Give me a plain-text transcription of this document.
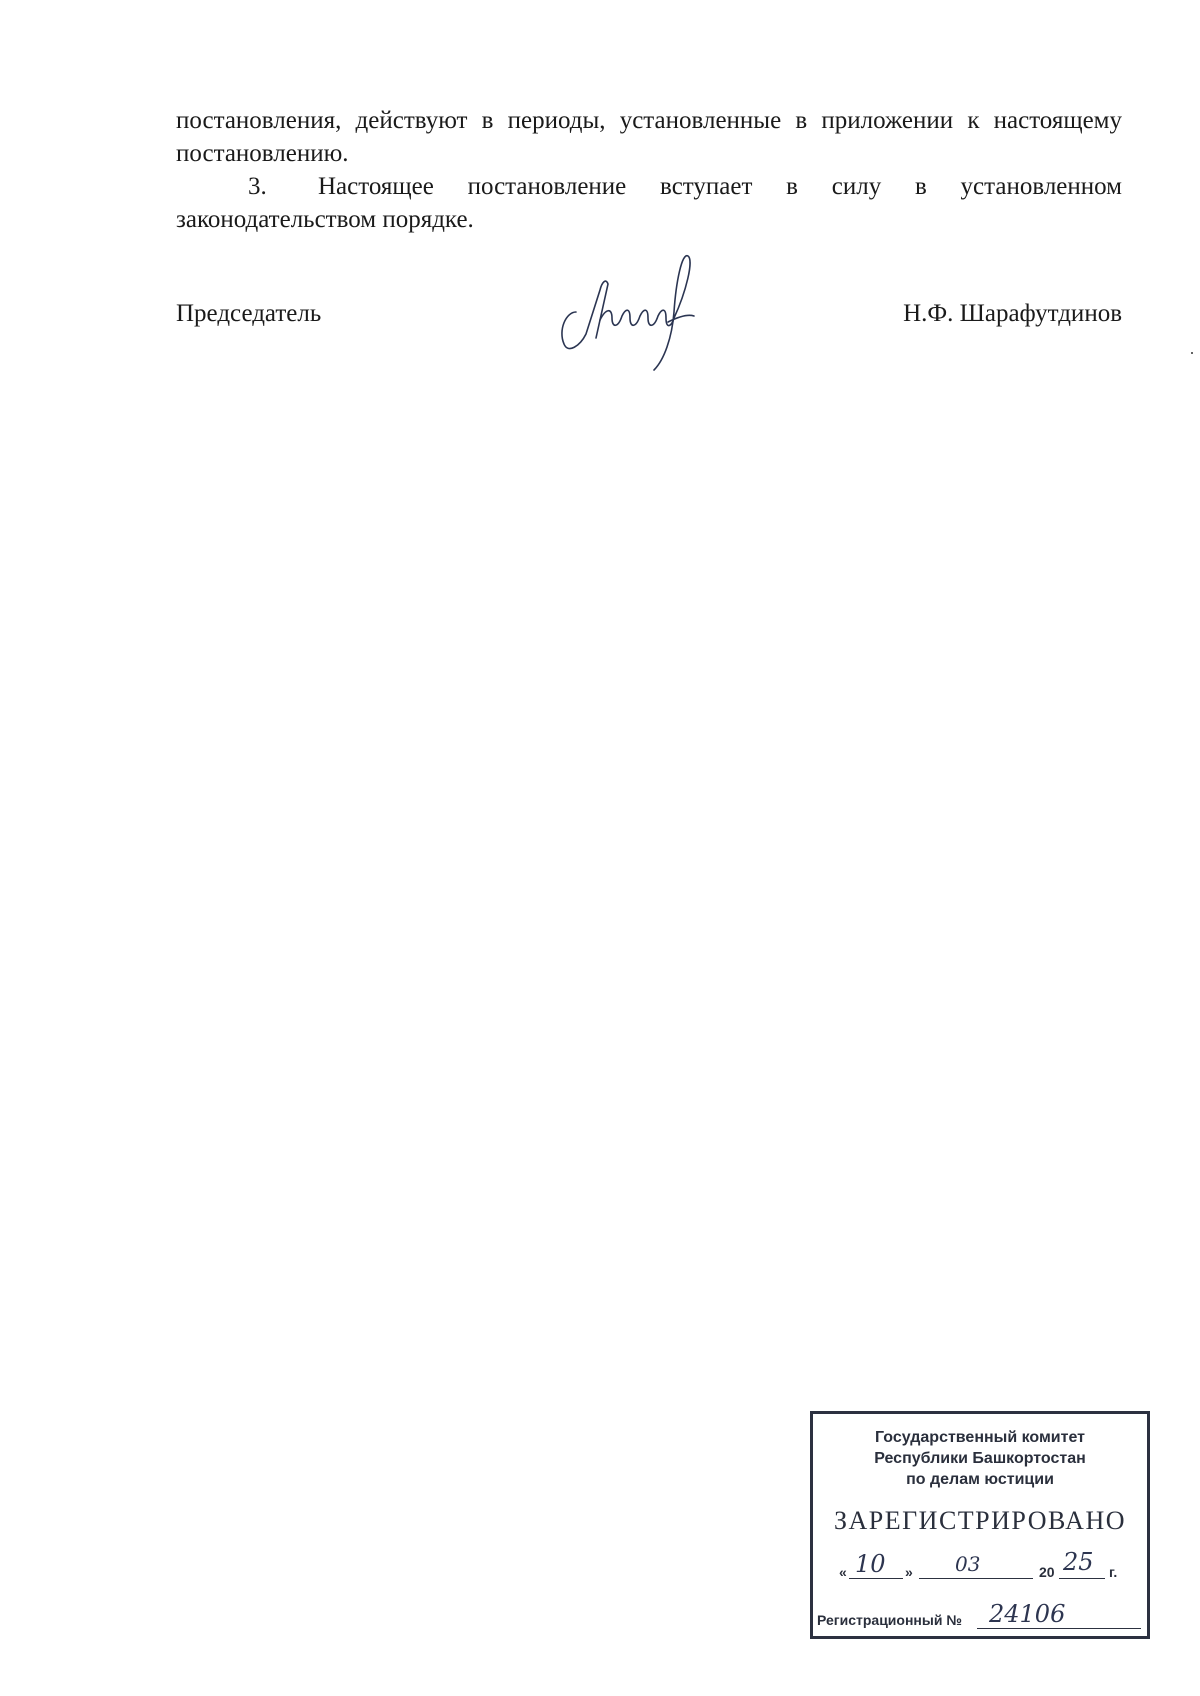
постановления, действуют в периоды, установленные в приложении к настоящему постановлению.
3. Настоящее постановление вступает в силу в установленном
законодательством порядке.
Председатель	Н.Ф. Шарафутдинов
Государственный комитет
Республики Башкортостан
по делам юстиции
ЗАРЕГИСТРИРОВАНО
« 10 » 03	20 25 г.
Регистрационный № 24106
